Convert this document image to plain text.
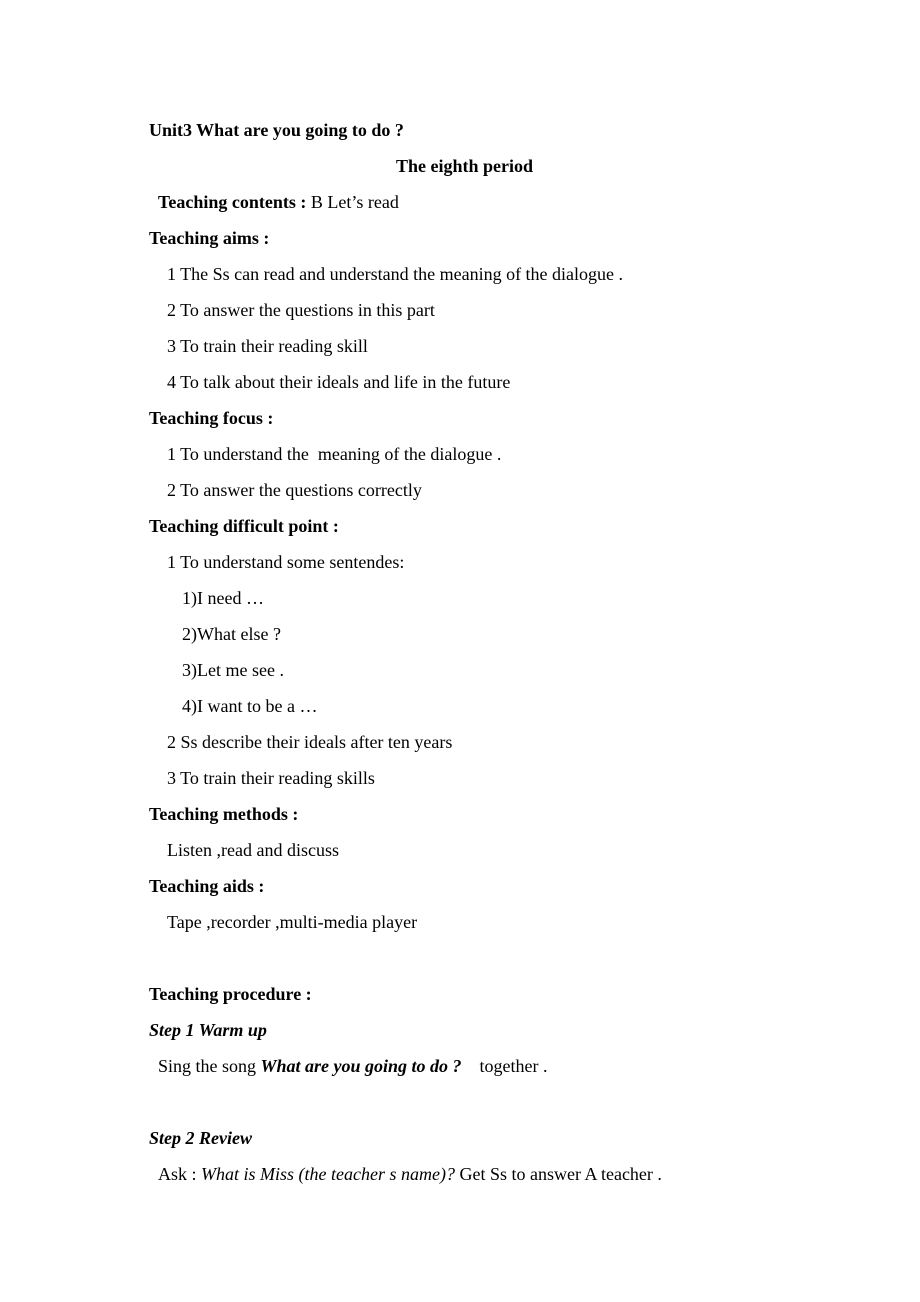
Unit3 What are you going to do ?
The eighth period
Teaching contents : B Let’s read
Teaching aims :
1 The Ss can read and understand the meaning of the dialogue .
2 To answer the questions in this part
3 To train their reading skill
4 To talk about their ideals and life in the future
Teaching focus :
1 To understand the  meaning of the dialogue .
2 To answer the questions correctly
Teaching difficult point :
1 To understand some sentendes:
1)I need …
2)What else ?
3)Let me see .
4)I want to be a …
2 Ss describe their ideals after ten years
3 To train their reading skills
Teaching methods :
Listen ,read and discuss
Teaching aids :
Tape ,recorder ,multi-media player
Teaching procedure :
Step 1 Warm up
Sing the song What are you going to do ?    together .
Step 2 Review
Ask : What is Miss (the teacher s name)? Get Ss to answer A teacher .
